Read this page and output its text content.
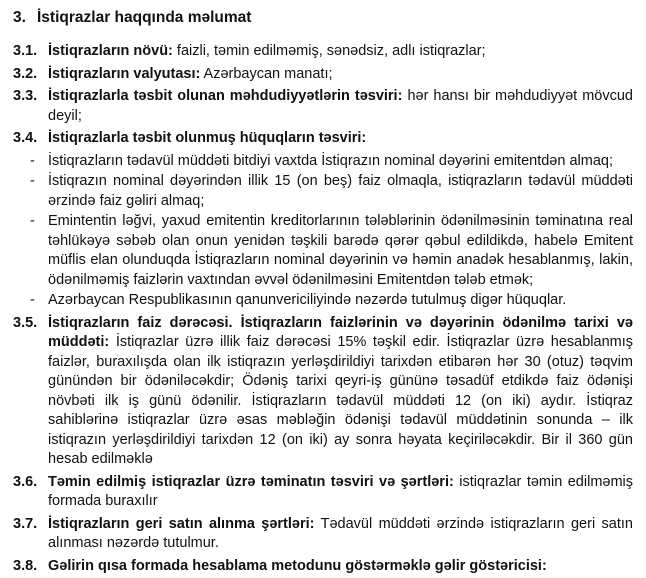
3. İstiqrazlar haqqında məlumat
3.1. İstiqrazların növü: faizli, təmin edilməmiş, sənədsiz, adlı istiqrazlar;

3.2. İstiqrazların valyutası: Azərbaycan manatı;

3.3. İstiqrazlarla təsbit olunan məhdudiyyətlərin təsviri: hər hansı bir məhdudiyyət mövcud deyil;

3.4. İstiqrazlarla təsbit olunmuş hüquqların təsviri:

- İstiqrazların tədavül müddəti bitdiyi vaxtda İstiqrazın nominal dəyərini emitentdən almaq;

- İstiqrazın nominal dəyərindən illik 15 (on beş) faiz olmaqla, istiqrazların tədavül müddəti ərzində faiz gəliri almaq;

- Emintentin ləğvi, yaxud emitentin kreditorlarının tələblərinin ödənilməsinin təminatına real təhlükəyə səbəb olan onun yenidən təşkili barədə qərər qəbul edildikdə, habelə Emitent müflis elan olunduqda İstiqrazların nominal dəyərinin və həmin anadək hesablanmış, lakin, ödənilməmiş faizlərin vaxtından əvvəl ödənilməsini Emitentdən tələb etmək;

- Azərbaycan Respublikasının qanunvericiliyində nəzərdə tutulmuş digər hüquqlar.

3.5. İstiqrazların faiz dərəcəsi. İstiqrazların faizlərinin və dəyərinin ödənilmə tarixi və müddəti: İstiqrazlar üzrə illik faiz dərəcəsi 15% təşkil edir. İstiqrazlar üzrə hesablanmış faizlər, buraxılışda olan ilk istiqrazın yerləşdirildiyi tarixdən etibarən hər 30 (otuz) təqvim günündən bir ödəniləcəkdir; Ödəniş tarixi qeyri-iş gününə təsadüf etdikdə faiz ödənişi növbəti ilk iş günü ödənilir. İstiqrazların tədavül müddəti 12 (on iki) aydır. İstiqraz sahiblərinə istiqrazlar üzrə əsas məbləğin ödənişi tədavül müddətinin sonunda – ilk istiqrazın yerləşdirildiyi tarixdən 12 (on iki) ay sonra həyata keçiriləcəkdir. Bir il 360 gün hesab edilməklə

3.6. Təmin edilmiş istiqrazlar üzrə təminatın təsviri və şərtləri: istiqrazlar təmin edilməmiş formada buraxılır

3.7. İstiqrazların geri satın alınma şərtləri: Tədavül müddəti ərzində istiqrazların geri satın alınması nəzərdə tutulmur.

3.8. Gəlirin qısa formada hesablama metodunu göstərməklə gəlir göstəricisi:
